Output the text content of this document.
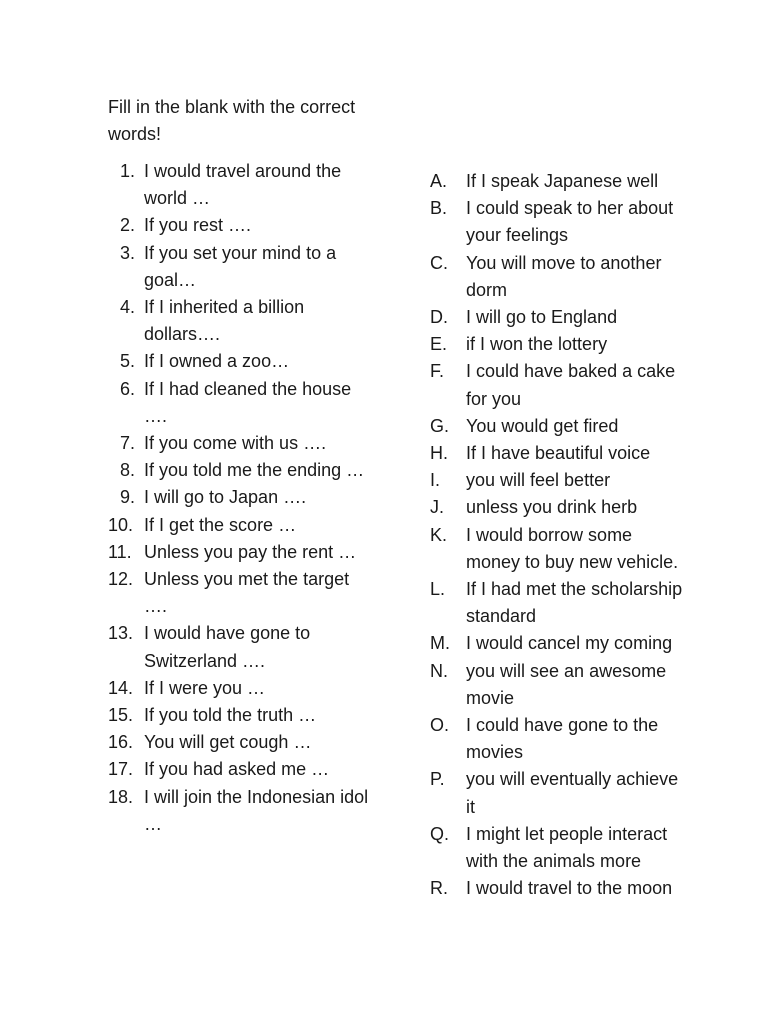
Fill in the blank with the correct words!
1. I would travel around the world …
2. If you rest ….
3. If you set your mind to a goal…
4. If I inherited a billion dollars….
5. If I owned a zoo…
6. If I had cleaned the house ….
7. If you come with us ….
8. If you told me the ending …
9. I will go to Japan ….
10. If I get the score …
11. Unless you pay the rent …
12. Unless you met the target ….
13. I would have gone to Switzerland ….
14. If I were you …
15. If you told the truth …
16. You will get cough …
17. If you had asked me …
18. I will join the Indonesian idol …
A.	If I speak Japanese well
B.	I could speak to her about your feelings
C.	You will move to another dorm
D.	I will go to England
E.	if I won the lottery
F.	I could have baked a cake for you
G. You would get fired
H.	If I have beautiful voice
I.	you will feel better
J.	unless you drink herb
K.	I would borrow some money to buy new vehicle.
L.	If I had met the scholarship standard
M. I would cancel my coming
N.	you will see an awesome movie
O. I could have gone to the movies
P.	you will eventually achieve it
Q. I might let people interact with the animals more
R.	I would travel to the moon
